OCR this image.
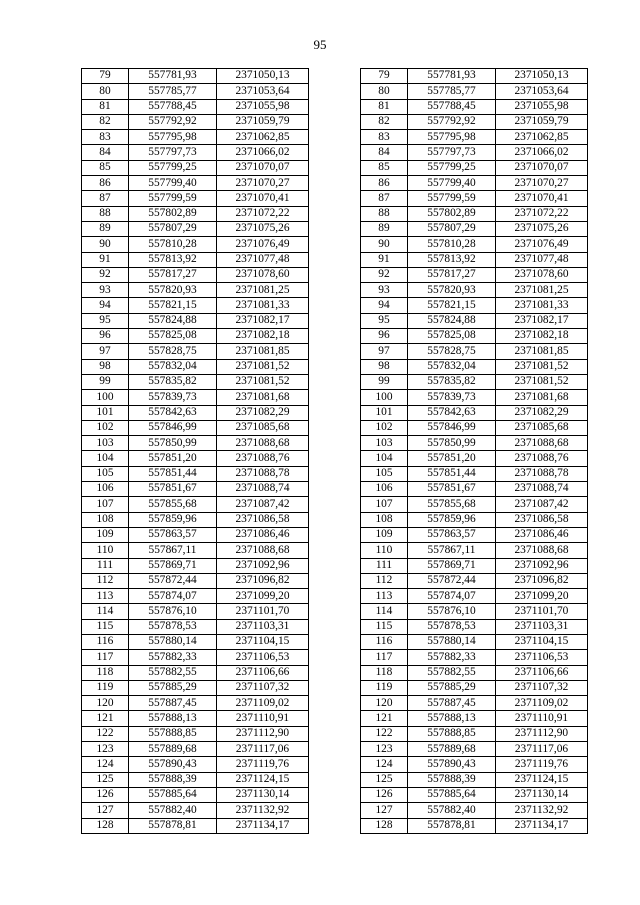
95
79	557781,93	2371050,13		79	557781,93	2371050,13
80	557785,77	2371053,64		80	557785,77	2371053,64
81	557788,45	2371055,98		81	557788,45	2371055,98
82	557792,92	2371059,79		82	557792,92	2371059,79
83	557795,98	2371062,85		83	557795,98	2371062,85
84	557797,73	2371066,02		84	557797,73	2371066,02
85	557799,25	2371070,07		85	557799,25	2371070,07
86	557799,40	2371070,27		86	557799,40	2371070,27
87	557799,59	2371070,41		87	557799,59	2371070,41
88	557802,89	2371072,22		88	557802,89	2371072,22
89	557807,29	2371075,26		89	557807,29	2371075,26
90	557810,28	2371076,49		90	557810,28	2371076,49
91	557813,92	2371077,48		91	557813,92	2371077,48
92	557817,27	2371078,60		92	557817,27	2371078,60
93	557820,93	2371081,25		93	557820,93	2371081,25
94	557821,15	2371081,33		94	557821,15	2371081,33
95	557824,88	2371082,17		95	557824,88	2371082,17
96	557825,08	2371082,18		96	557825,08	2371082,18
97	557828,75	2371081,85		97	557828,75	2371081,85
98	557832,04	2371081,52		98	557832,04	2371081,52
99	557835,82	2371081,52		99	557835,82	2371081,52
100	557839,73	2371081,68		100	557839,73	2371081,68
101	557842,63	2371082,29		101	557842,63	2371082,29
102	557846,99	2371085,68		102	557846,99	2371085,68
103	557850,99	2371088,68		103	557850,99	2371088,68
104	557851,20	2371088,76		104	557851,20	2371088,76
105	557851,44	2371088,78		105	557851,44	2371088,78
106	557851,67	2371088,74		106	557851,67	2371088,74
107	557855,68	2371087,42		107	557855,68	2371087,42
108	557859,96	2371086,58		108	557859,96	2371086,58
109	557863,57	2371086,46		109	557863,57	2371086,46
110	557867,11	2371088,68		110	557867,11	2371088,68
111	557869,71	2371092,96		111	557869,71	2371092,96
112	557872,44	2371096,82		112	557872,44	2371096,82
113	557874,07	2371099,20		113	557874,07	2371099,20
114	557876,10	2371101,70		114	557876,10	2371101,70
115	557878,53	2371103,31		115	557878,53	2371103,31
116	557880,14	2371104,15		116	557880,14	2371104,15
117	557882,33	2371106,53		117	557882,33	2371106,53
118	557882,55	2371106,66		118	557882,55	2371106,66
119	557885,29	2371107,32		119	557885,29	2371107,32
120	557887,45	2371109,02		120	557887,45	2371109,02
121	557888,13	2371110,91		121	557888,13	2371110,91
122	557888,85	2371112,90		122	557888,85	2371112,90
123	557889,68	2371117,06		123	557889,68	2371117,06
124	557890,43	2371119,76		124	557890,43	2371119,76
125	557888,39	2371124,15		125	557888,39	2371124,15
126	557885,64	2371130,14		126	557885,64	2371130,14
127	557882,40	2371132,92		127	557882,40	2371132,92
128	557878,81	2371134,17		128	557878,81	2371134,17
